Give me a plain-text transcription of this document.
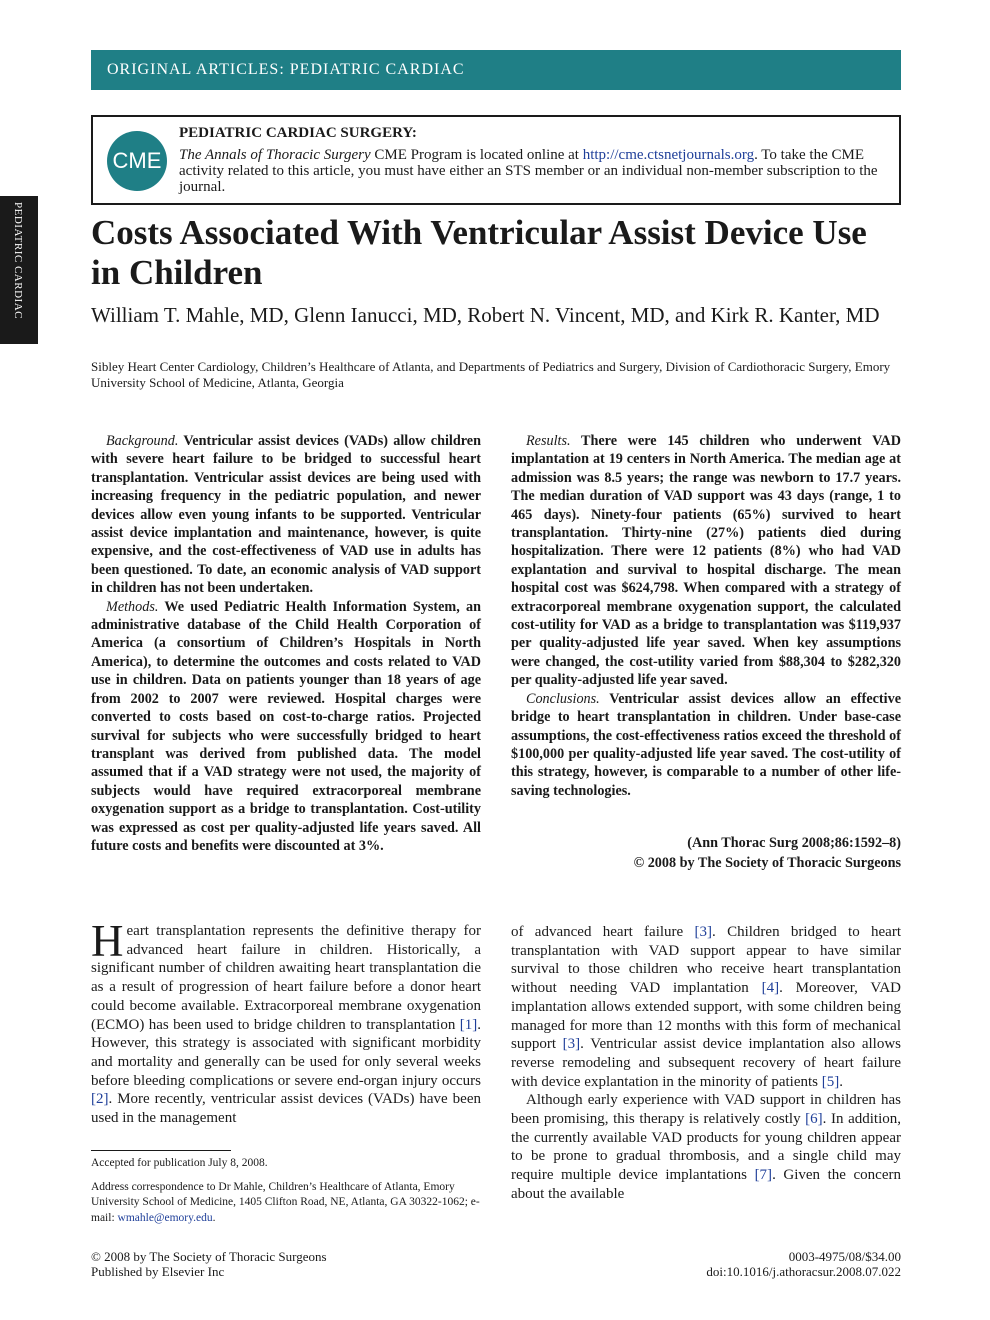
ORIGINAL ARTICLES: PEDIATRIC CARDIAC
PEDIATRIC CARDIAC
CME
PEDIATRIC CARDIAC SURGERY:
The Annals of Thoracic Surgery CME Program is located online at http://cme.ctsnetjournals.org. To take the CME activity related to this article, you must have either an STS member or an individual non-member subscription to the journal.
Costs Associated With Ventricular Assist Device Use in Children
William T. Mahle, MD, Glenn Ianucci, MD, Robert N. Vincent, MD, and Kirk R. Kanter, MD
Sibley Heart Center Cardiology, Children’s Healthcare of Atlanta, and Departments of Pediatrics and Surgery, Division of Cardiothoracic Surgery, Emory University School of Medicine, Atlanta, Georgia

Background. Ventricular assist devices (VADs) allow children with severe heart failure to be bridged to successful heart transplantation. Ventricular assist devices are being used with increasing frequency in the pediatric population, and newer devices allow even young infants to be supported. Ventricular assist device implantation and maintenance, however, is quite expensive, and the cost-effectiveness of VAD use in adults has been questioned. To date, an economic analysis of VAD support in children has not been undertaken.

Methods. We used Pediatric Health Information System, an administrative database of the Child Health Corporation of America (a consortium of Children’s Hospitals in North America), to determine the outcomes and costs related to VAD use in children. Data on patients younger than 18 years of age from 2002 to 2007 were reviewed. Hospital charges were converted to costs based on cost-to-charge ratios. Projected survival for subjects who were successfully bridged to heart transplant was derived from published data. The model assumed that if a VAD strategy were not used, the majority of subjects would have required extracorporeal membrane oxygenation support as a bridge to transplantation. Cost-utility was expressed as cost per quality-adjusted life years saved. All future costs and benefits were discounted at 3%.

Results. There were 145 children who underwent VAD implantation at 19 centers in North America. The median age at admission was 8.5 years; the range was newborn to 17.7 years. The median duration of VAD support was 43 days (range, 1 to 465 days). Ninety-four patients (65%) survived to heart transplantation. Thirty-nine (27%) patients died during hospitalization. There were 12 patients (8%) who had VAD explantation and survival to hospital discharge. The mean hospital cost was $624,798. When compared with a strategy of extracorporeal membrane oxygenation support, the calculated cost-utility for VAD as a bridge to transplantation was $119,937 per quality-adjusted life year saved. When key assumptions were changed, the cost-utility varied from $88,304 to $282,320 per quality-adjusted life year saved.

Conclusions. Ventricular assist devices allow an effective bridge to heart transplantation in children. Under base-case assumptions, the cost-effectiveness ratios exceed the threshold of $100,000 per quality-adjusted life year saved. The cost-utility of this strategy, however, is comparable to a number of other life-saving technologies.

(Ann Thorac Surg 2008;86:1592–8)
© 2008 by The Society of Thoracic Surgeons

Heart transplantation represents the definitive therapy for advanced heart failure in children. Historically, a significant number of children awaiting heart transplantation die as a result of progression of heart failure before a donor heart could become available. Extracorporeal membrane oxygenation (ECMO) has been used to bridge children to transplantation [1]. However, this strategy is associated with significant morbidity and mortality and generally can be used for only several weeks before bleeding complications or severe end-organ injury occurs [2]. More recently, ventricular assist devices (VADs) have been used in the management

of advanced heart failure [3]. Children bridged to heart transplantation with VAD support appear to have similar survival to those children who receive heart transplantation without needing VAD implantation [4]. Moreover, VAD implantation allows extended support, with some children being managed for more than 12 months with this form of mechanical support [3]. Ventricular assist device implantation also allows reverse remodeling and subsequent recovery of heart failure with device explantation in the minority of patients [5].

Although early experience with VAD support in children has been promising, this therapy is relatively costly [6]. In addition, the currently available VAD products for young children appear to be prone to gradual thrombosis, and a single child may require multiple device implantations [7]. Given the concern about the available

Accepted for publication July 8, 2008.

Address correspondence to Dr Mahle, Children’s Healthcare of Atlanta, Emory University School of Medicine, 1405 Clifton Road, NE, Atlanta, GA 30322-1062; e-mail: wmahle@emory.edu.

© 2008 by The Society of Thoracic Surgeons
Published by Elsevier Inc
0003-4975/08/$34.00
doi:10.1016/j.athoracsur.2008.07.022
